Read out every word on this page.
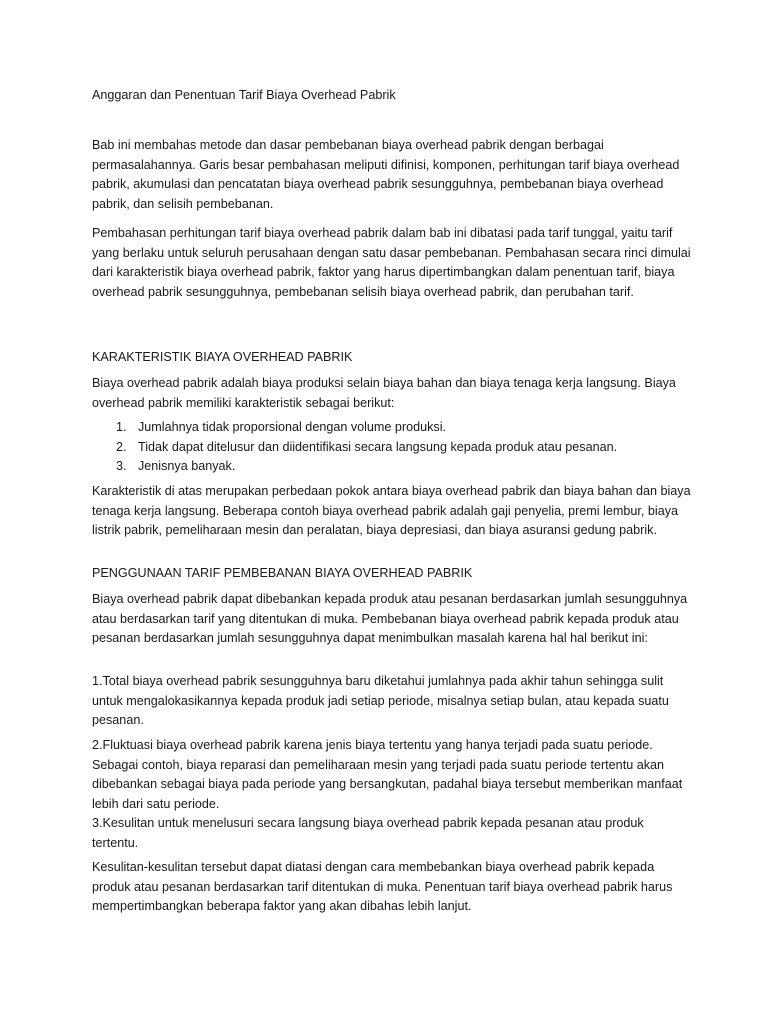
Anggaran dan Penentuan Tarif Biaya Overhead Pabrik

Bab ini membahas metode dan dasar pembebanan biaya overhead pabrik dengan berbagai permasalahannya. Garis besar pembahasan meliputi difinisi, komponen, perhitungan tarif biaya overhead pabrik, akumulasi dan pencatatan biaya overhead pabrik sesungguhnya, pembebanan biaya overhead pabrik, dan selisih pembebanan.

Pembahasan perhitungan tarif biaya overhead pabrik dalam bab ini dibatasi pada tarif tunggal, yaitu tarif yang berlaku untuk seluruh perusahaan dengan satu dasar pembebanan. Pembahasan secara rinci dimulai dari karakteristik biaya overhead pabrik, faktor yang harus dipertimbangkan dalam penentuan tarif, biaya overhead pabrik sesungguhnya, pembebanan selisih biaya overhead pabrik, dan perubahan tarif.

KARAKTERISTIK BIAYA OVERHEAD PABRIK

Biaya overhead pabrik adalah biaya produksi selain biaya bahan dan biaya tenaga kerja langsung. Biaya overhead pabrik memiliki karakteristik sebagai berikut:

1. Jumlahnya tidak proporsional dengan volume produksi.
2. Tidak dapat ditelusur dan diidentifikasi secara langsung kepada produk atau pesanan.
3. Jenisnya banyak.

Karakteristik di atas merupakan perbedaan pokok antara biaya overhead pabrik dan biaya bahan dan biaya tenaga kerja langsung. Beberapa contoh biaya overhead pabrik adalah gaji penyelia, premi lembur, biaya listrik pabrik, pemeliharaan mesin dan peralatan, biaya depresiasi, dan biaya asuransi gedung pabrik.

PENGGUNAAN TARIF PEMBEBANAN BIAYA OVERHEAD PABRIK

Biaya overhead pabrik dapat dibebankan kepada produk atau pesanan berdasarkan jumlah sesungguhnya atau berdasarkan tarif yang ditentukan di muka. Pembebanan biaya overhead pabrik kepada produk atau pesanan berdasarkan jumlah sesungguhnya dapat menimbulkan masalah karena hal hal berikut ini:

1.Total biaya overhead pabrik sesungguhnya baru diketahui jumlahnya pada akhir tahun sehingga sulit untuk mengalokasikannya kepada produk jadi setiap periode, misalnya setiap bulan, atau kepada suatu pesanan.

2.Fluktuasi biaya overhead pabrik karena jenis biaya tertentu yang hanya terjadi pada suatu periode. Sebagai contoh, biaya reparasi dan pemeliharaan mesin yang terjadi pada suatu periode tertentu akan dibebankan sebagai biaya pada periode yang bersangkutan, padahal biaya tersebut memberikan manfaat lebih dari satu periode.

3.Kesulitan untuk menelusuri secara langsung biaya overhead pabrik kepada pesanan atau produk tertentu.

Kesulitan-kesulitan tersebut dapat diatasi dengan cara membebankan biaya overhead pabrik kepada produk atau pesanan berdasarkan tarif ditentukan di muka. Penentuan tarif biaya overhead pabrik harus mempertimbangkan beberapa faktor yang akan dibahas lebih lanjut.
